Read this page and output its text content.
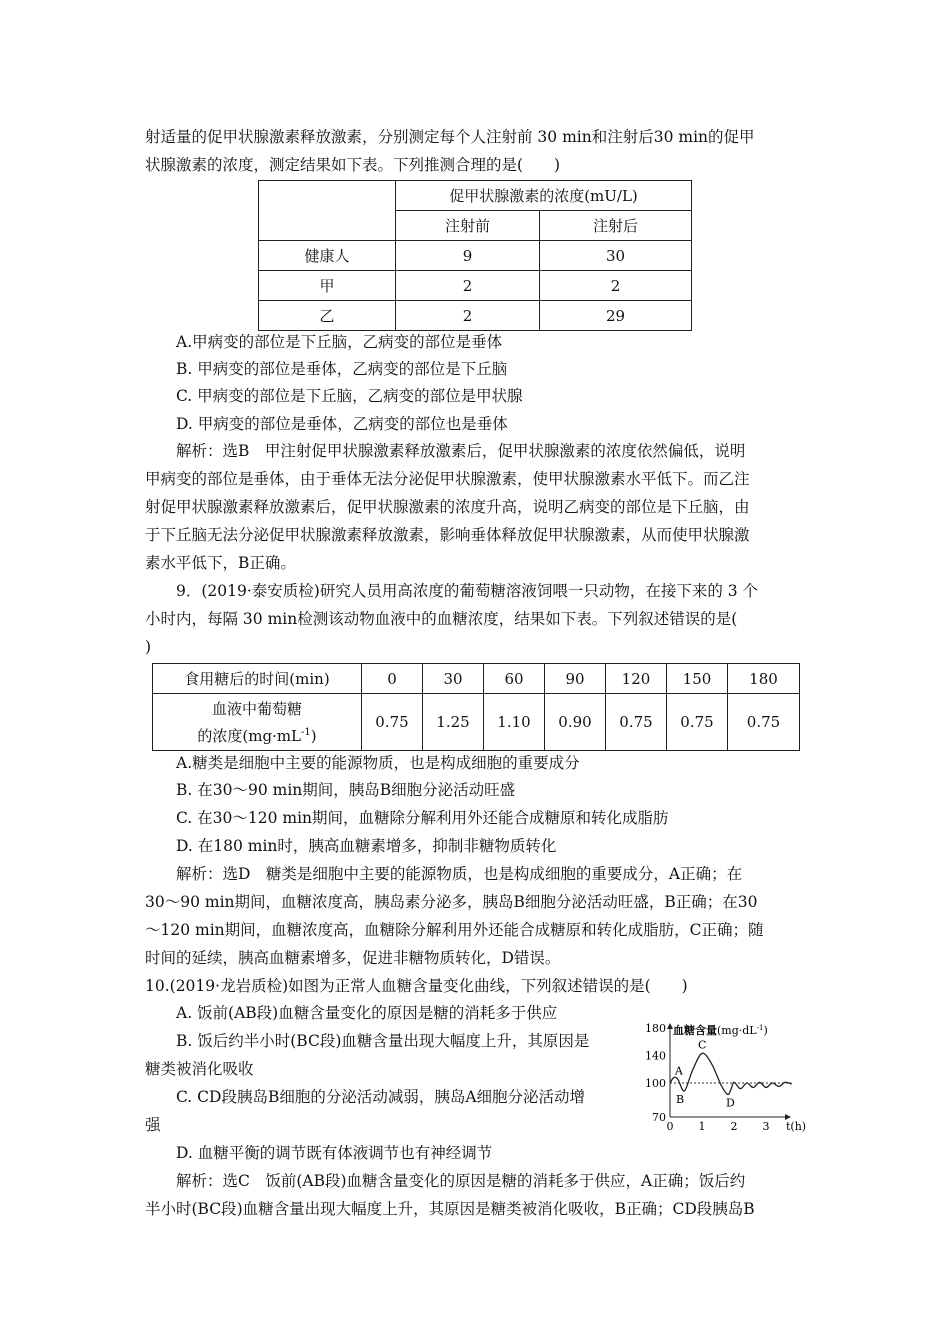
射适量的促甲状腺激素释放激素，分别测定每个人注射前 30 min和注射后30 min的促甲
状腺激素的浓度，测定结果如下表。下列推测合理的是(　　)
	促甲状腺激素的浓度(mU/L)	
	注射前	注射后
健康人	9	30
甲	2	2
乙	2	29
A.甲病变的部位是下丘脑，乙病变的部位是垂体
B. 甲病变的部位是垂体，乙病变的部位是下丘脑
C. 甲病变的部位是下丘脑，乙病变的部位是甲状腺
D. 甲病变的部位是垂体，乙病变的部位也是垂体
解析：选B　甲注射促甲状腺激素释放激素后，促甲状腺激素的浓度依然偏低，说明
甲病变的部位是垂体，由于垂体无法分泌促甲状腺激素，使甲状腺激素水平低下。而乙注
射促甲状腺激素释放激素后，促甲状腺激素的浓度升高，说明乙病变的部位是下丘脑，由
于下丘脑无法分泌促甲状腺激素释放激素，影响垂体释放促甲状腺激素，从而使甲状腺激
素水平低下，B正确。
9．(2019·泰安质检)研究人员用高浓度的葡萄糖溶液饲喂一只动物，在接下来的 3 个
小时内，每隔 30 min检测该动物血液中的血糖浓度，结果如下表。下列叙述错误的是(
)
食用糖后的时间(min)	0	30	60	90	120	150	180

血液中葡萄糖
的浓度$(mg\cdot mL^{-1})$	0.75	1.25	1.10	0.90	0.75	0.75	0.75
A.糖类是细胞中主要的能源物质，也是构成细胞的重要成分
B. 在30～90 min期间，胰岛B细胞分泌活动旺盛
C. 在30～120 min期间，血糖除分解利用外还能合成糖原和转化成脂肪
D. 在180 min时，胰高血糖素增多，抑制非糖物质转化
解析：选D　糖类是细胞中主要的能源物质，也是构成细胞的重要成分，A正确；在
30～90 min期间，血糖浓度高，胰岛素分泌多，胰岛B细胞分泌活动旺盛，B正确；在30
～120 min期间，血糖浓度高，血糖除分解利用外还能合成糖原和转化成脂肪，C正确；随
时间的延续，胰高血糖素增多，促进非糖物质转化，D错误。
10.(2019·龙岩质检)如图为正常人血糖含量变化曲线，下列叙述错误的是(　　)
A. 饭前(AB段)血糖含量变化的原因是糖的消耗多于供应
B. 饭后约半小时(BC段)血糖含量出现大幅度上升，其原因是
糖类被消化吸收
C. CD段胰岛B细胞的分泌活动减弱，胰岛A细胞分泌活动增
强
D. 血糖平衡的调节既有体液调节也有神经调节
血糖含量$(mg\cdot dL^{-1})$
180
140
100
70
0 1 2 3
A
B
C
D
t(h)
解析：选C　饭前(AB段)血糖含量变化的原因是糖的消耗多于供应，A正确；饭后约
半小时(BC段)血糖含量出现大幅度上升，其原因是糖类被消化吸收，B正确；CD段胰岛B
